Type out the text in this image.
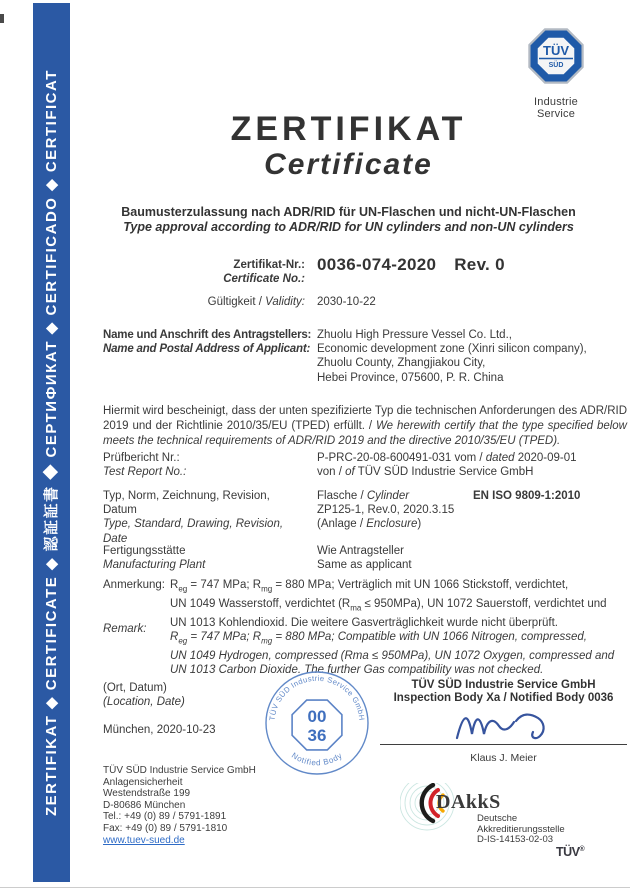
ZERTIFIKAT ◆ CERTIFICATE ◆ 認証証書 ◆ СЕРТИФИКАТ ◆ CERTIFICADO ◆ CERTIFICAT
TÜV
SÜD
Industrie Service
ZERTIFIKAT
Certificate
Baumusterzulassung nach ADR/RID für UN-Flaschen und nicht-UN-Flaschen
Type approval according to ADR/RID for UN cylinders and non-UN cylinders
Zertifikat-Nr.:
Certificate No.:
0036-074-2020 Rev. 0
Gültigkeit / Validity: 2030-10-22
Name und Anschrift des Antragstellers:
Name and Postal Address of Applicant:
Zhuolu High Pressure Vessel Co. Ltd.,
Economic development zone (Xinri silicon company),
Zhuolu County, Zhangjiakou City,
Hebei Province, 075600, P. R. China

Hiermit wird bescheinigt, dass der unten spezifizierte Typ die technischen Anforderungen des ADR/RID 2019 und der Richtlinie 2010/35/EU (TPED) erfüllt. / We herewith certify that the type specified below meets the technical requirements of ADR/RID 2019 and the directive 2010/35/EU (TPED).

Prüfbericht Nr.:
Test Report No.:
P-PRC-20-08-600491-031 vom / dated 2020-09-01
von / of TÜV SÜD Industrie Service GmbH
Typ, Norm, Zeichnung, Revision, Datum
Type, Standard, Drawing, Revision, Date
Flasche / Cylinder
ZP125-1, Rev.0, 2020.3.15
(Anlage / Enclosure)
EN ISO 9809-1:2010
Fertigungsstätte
Manufacturing Plant
Wie Antragsteller
Same as applicant
Anmerkung:
Remark:
$R_{eg} = 747$ MPa; $R_{mg} = 880$ MPa; Verträglich mit UN 1066 Stickstoff, verdichtet,
UN 1049 Wasserstoff, verdichtet $(R_{ma} \le 950MPa)$, UN 1072 Sauerstoff, verdichtet und
UN 1013 Kohlendioxid. Die weitere Gasverträglichkeit wurde nicht überprüft.
$R_{eg} = 747$ MPa; $R_{mg} = 880$ MPa; Compatible with UN 1066 Nitrogen, compressed,
UN 1049 Hydrogen, compressed (Rma ≤ 950MPa), UN 1072 Oxygen, compressed and
UN 1013 Carbon Dioxide. The further Gas compatibility was not checked.
(Ort, Datum)
(Location, Date)
München, 2020-10-23
TÜV SÜD Industrie Service GmbH
Anlagensicherheit
Westendstraße 199
D-80686 München
Tel.: +49 (0) 89 / 5791-1891
Fax: +49 (0) 89 / 5791-1810
www.tuev-sued.de
TÜV SÜD Industrie Service GmbH
Notified Body
00
36
TÜV SÜD Industrie Service GmbH
Inspection Body Xa / Notified Body 0036
Klaus J. Meier
DAkkS
Deutsche
Akkreditierungsstelle
D-IS-14153-02-03
TÜV®
